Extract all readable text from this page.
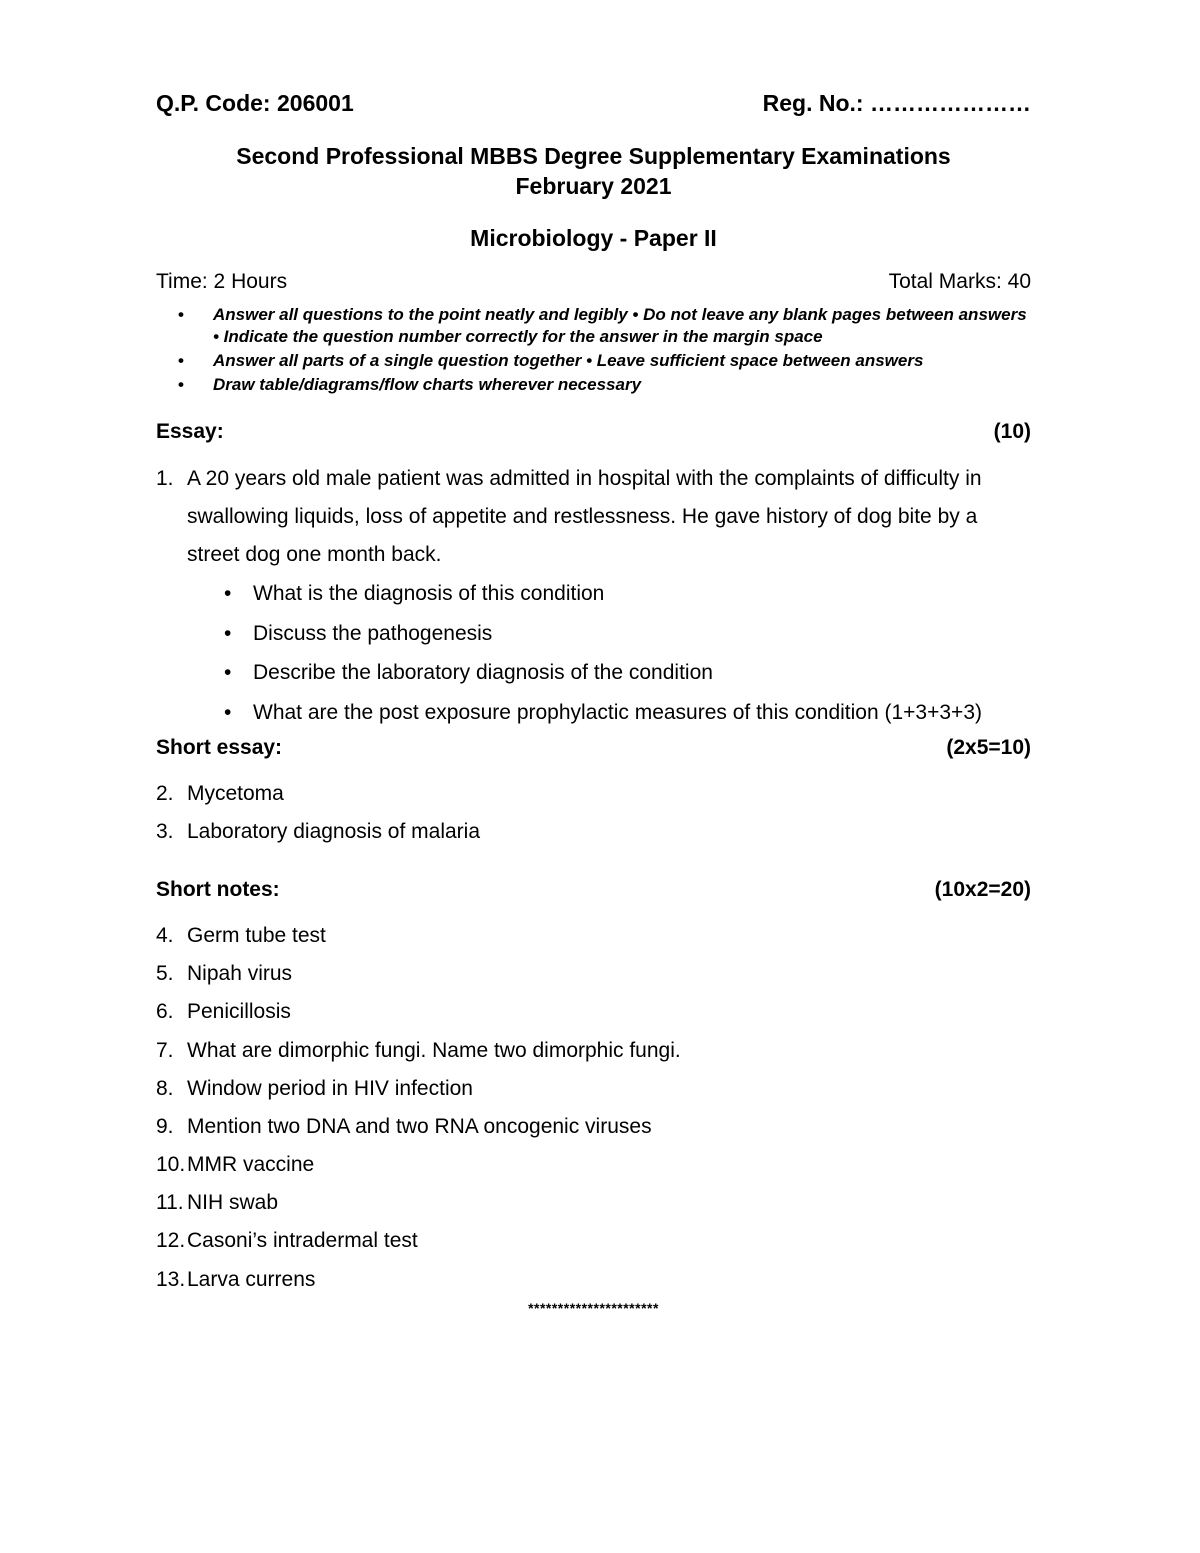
Q.P. Code: 206001	Reg. No.: …………………
Second Professional MBBS Degree Supplementary Examinations
February 2021
Microbiology - Paper II
Time: 2 Hours	Total Marks: 40
• Answer all questions to the point neatly and legibly • Do not leave any blank pages between answers • Indicate the question number correctly for the answer in the margin space
• Answer all parts of a single question together • Leave sufficient space between answers
• Draw table/diagrams/flow charts wherever necessary
Essay:	(10)
1. A 20 years old male patient was admitted in hospital with the complaints of difficulty in swallowing liquids, loss of appetite and restlessness. He gave history of dog bite by a street dog one month back.
• What is the diagnosis of this condition
• Discuss the pathogenesis
• Describe the laboratory diagnosis of the condition
• What are the post exposure prophylactic measures of this condition (1+3+3+3)
Short essay:	(2x5=10)
2. Mycetoma
3. Laboratory diagnosis of malaria
Short notes:	(10x2=20)
4. Germ tube test
5. Nipah virus
6. Penicillosis
7. What are dimorphic fungi. Name two dimorphic fungi.
8. Window period in HIV infection
9. Mention two DNA and two RNA oncogenic viruses
10.MMR vaccine
11. NIH swab
12.Casoni’s intradermal test
13.Larva currens
**********************
